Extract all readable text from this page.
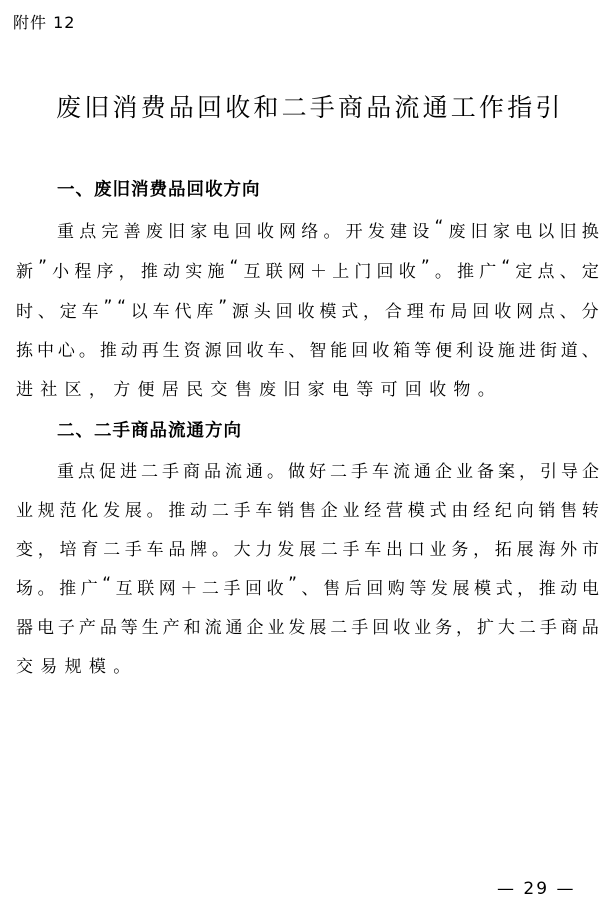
附件 12
废旧消费品回收和二手商品流通工作指引
一、废旧消费品回收方向
重 点 完 善 废 旧 家 电 回 收 网 络 。 开 发 建 设 “ 废 旧 家 电 以 旧 换
新 ” 小 程 序 ， 推 动 实 施 “ 互 联 网 ＋ 上 门 回 收 ” 。 推 广 “ 定 点 、 定
时 、 定 车 ” “ 以 车 代 库 ” 源 头 回 收 模 式 ， 合 理 布 局 回 收 网 点 、 分
拣 中 心 。 推 动 再 生 资 源 回 收 车 、 智 能 回 收 箱 等 便 利 设 施 进 街 道 、
进社区，方便居民交售废旧家电等可回收物。
二、二手商品流通方向
重 点 促 进 二 手 商 品 流 通 。 做 好 二 手 车 流 通 企 业 备 案 ， 引 导 企
业 规 范 化 发 展 。 推 动 二 手 车 销 售 企 业 经 营 模 式 由 经 纪 向 销 售 转
变 ， 培 育 二 手 车 品 牌 。 大 力 发 展 二 手 车 出 口 业 务 ， 拓 展 海 外 市
场 。 推 广 “ 互 联 网 ＋ 二 手 回 收 ” 、 售 后 回 购 等 发 展 模 式 ， 推 动 电
器 电 子 产 品 等 生 产 和 流 通 企 业 发 展 二 手 回 收 业 务 ， 扩 大 二 手 商 品
交易规模。
— 29 —
